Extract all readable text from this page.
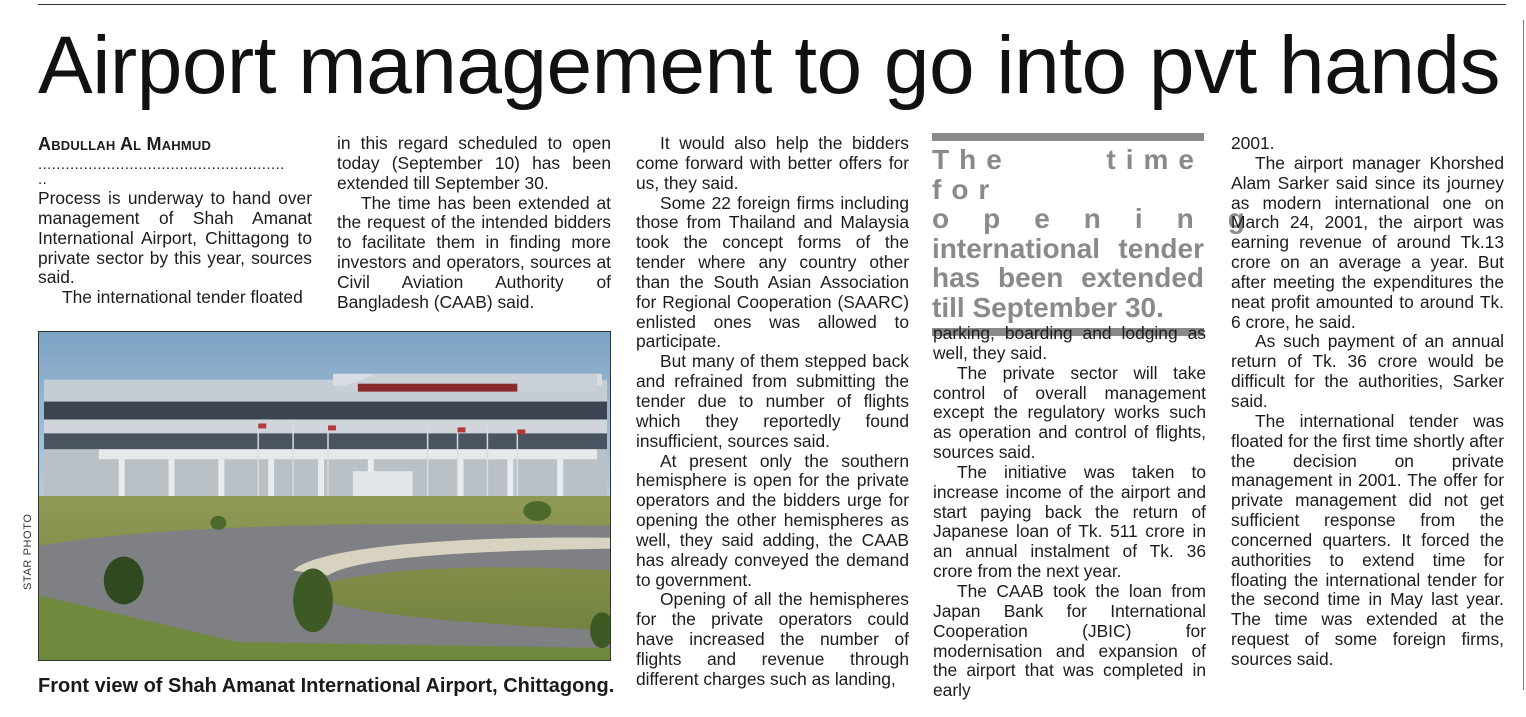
Airport management to go into pvt hands
Abdullah Al Mahmud
......................................................
..

Process is underway to hand over management of Shah Amanat International Airport, Chittagong to private sector by this year, sources said.

The international tender floated

in this regard scheduled to open today (September 10) has been extended till September 30.

The time has been extended at the request of the intended bidders to facilitate them in finding more investors and operators, sources at Civil Aviation Authority of Bangladesh (CAAB) said.

STAR PHOTO
Front view of Shah Amanat International Airport, Chittagong.

It would also help the bidders come forward with better offers for us, they said.

Some 22 foreign firms including those from Thailand and Malaysia took the concept forms of the tender where any country other than the South Asian Association for Regional Cooperation (SAARC) enlisted ones was allowed to participate.

But many of them stepped back and refrained from submitting the tender due to number of flights which they reportedly found insufficient, sources said.

At present only the southern hemisphere is open for the private operators and the bidders urge for opening the other hemispheres as well, they said adding, the CAAB has already conveyed the demand to government.

Opening of all the hemispheres for the private operators could have increased the number of flights and revenue through different charges such as landing,

The time for
opening
international tender has been extended till September 30.

parking, boarding and lodging as well, they said.

The private sector will take control of overall management except the regulatory works such as operation and control of flights, sources said.

The initiative was taken to increase income of the airport and start paying back the return of Japanese loan of Tk. 511 crore in an annual instalment of Tk. 36 crore from the next year.

The CAAB took the loan from Japan Bank for International Cooperation (JBIC) for modernisation and expansion of the airport that was completed in early

2001.

The airport manager Khorshed Alam Sarker said since its journey as modern international one on March 24, 2001, the airport was earning revenue of around Tk.13 crore on an average a year. But after meeting the expenditures the neat profit amounted to around Tk. 6 crore, he said.

As such payment of an annual return of Tk. 36 crore would be difficult for the authorities, Sarker said.

The international tender was floated for the first time shortly after the decision on private management in 2001. The offer for private management did not get sufficient response from the concerned quarters. It forced the authorities to extend time for floating the international tender for the second time in May last year. The time was extended at the request of some foreign firms, sources said.
